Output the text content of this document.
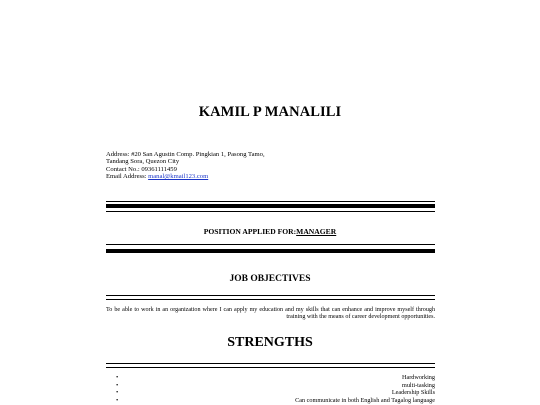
KAMIL P MANALILI
Address: #20 San Agustin Comp. Pingkian 1, Pasong Tamo,
Tandang Sora, Quezon City
Contact No.: 09361111459
Email Address: manal@kmail123.com
POSITION APPLIED FOR:MANAGER
JOB OBJECTIVES
To be able to work in an organization where I can apply my education and my skills that can enhance and improve myself through training with the means of career development opportunities.
STRENGTHS
•	Hardworking
•	multi-tasking
•	Leadership Skills
•	Can communicate in both English and Tagalog language
